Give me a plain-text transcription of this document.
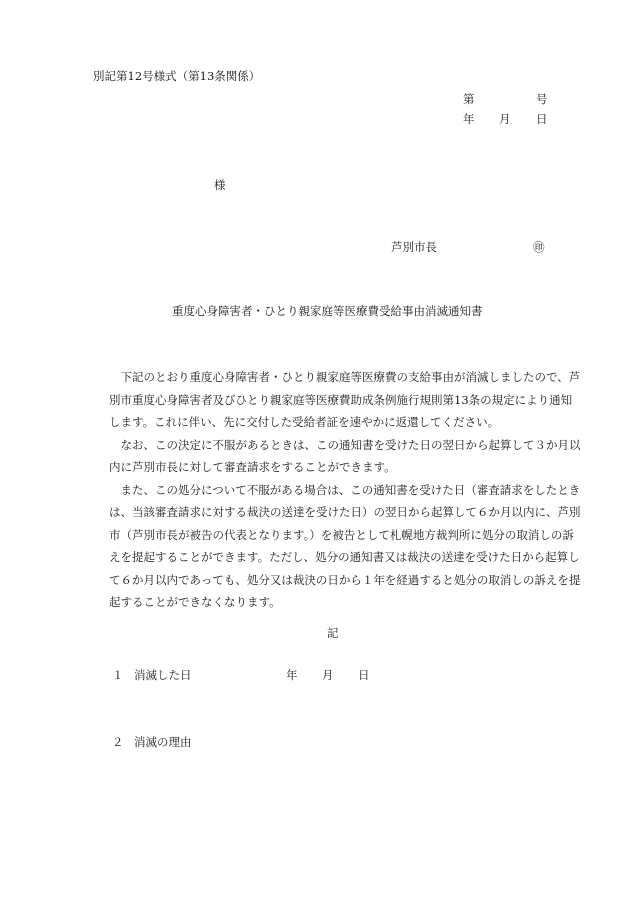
別記第12号様式（第13条関係）
第	号
年 月 日
様
芦別市長	㊞
重度心身障害者・ひとり親家庭等医療費受給事由消滅通知書

下記のとおり重度心身障害者・ひとり親家庭等医療費の支給事由が消滅しましたので、芦別市重度心身障害者及びひとり親家庭等医療費助成条例施行規則第13条の規定により通知します。これに伴い、先に交付した受給者証を速やかに返還してください。

なお、この決定に不服があるときは、この通知書を受けた日の翌日から起算して３か月以内に芦別市長に対して審査請求をすることができます。

また、この処分について不服がある場合は、この通知書を受けた日（審査請求をしたときは、当該審査請求に対する裁決の送達を受けた日）の翌日から起算して６か月以内に、芦別市（芦別市長が被告の代表となります。）を被告として札幌地方裁判所に処分の取消しの訴えを提起することができます。ただし、処分の通知書又は裁決の送達を受けた日から起算して６か月以内であっても、処分又は裁決の日から１年を経過すると処分の取消しの訴えを提起することができなくなります。

記
１ 消滅した日	年 月 日
２ 消滅の理由
